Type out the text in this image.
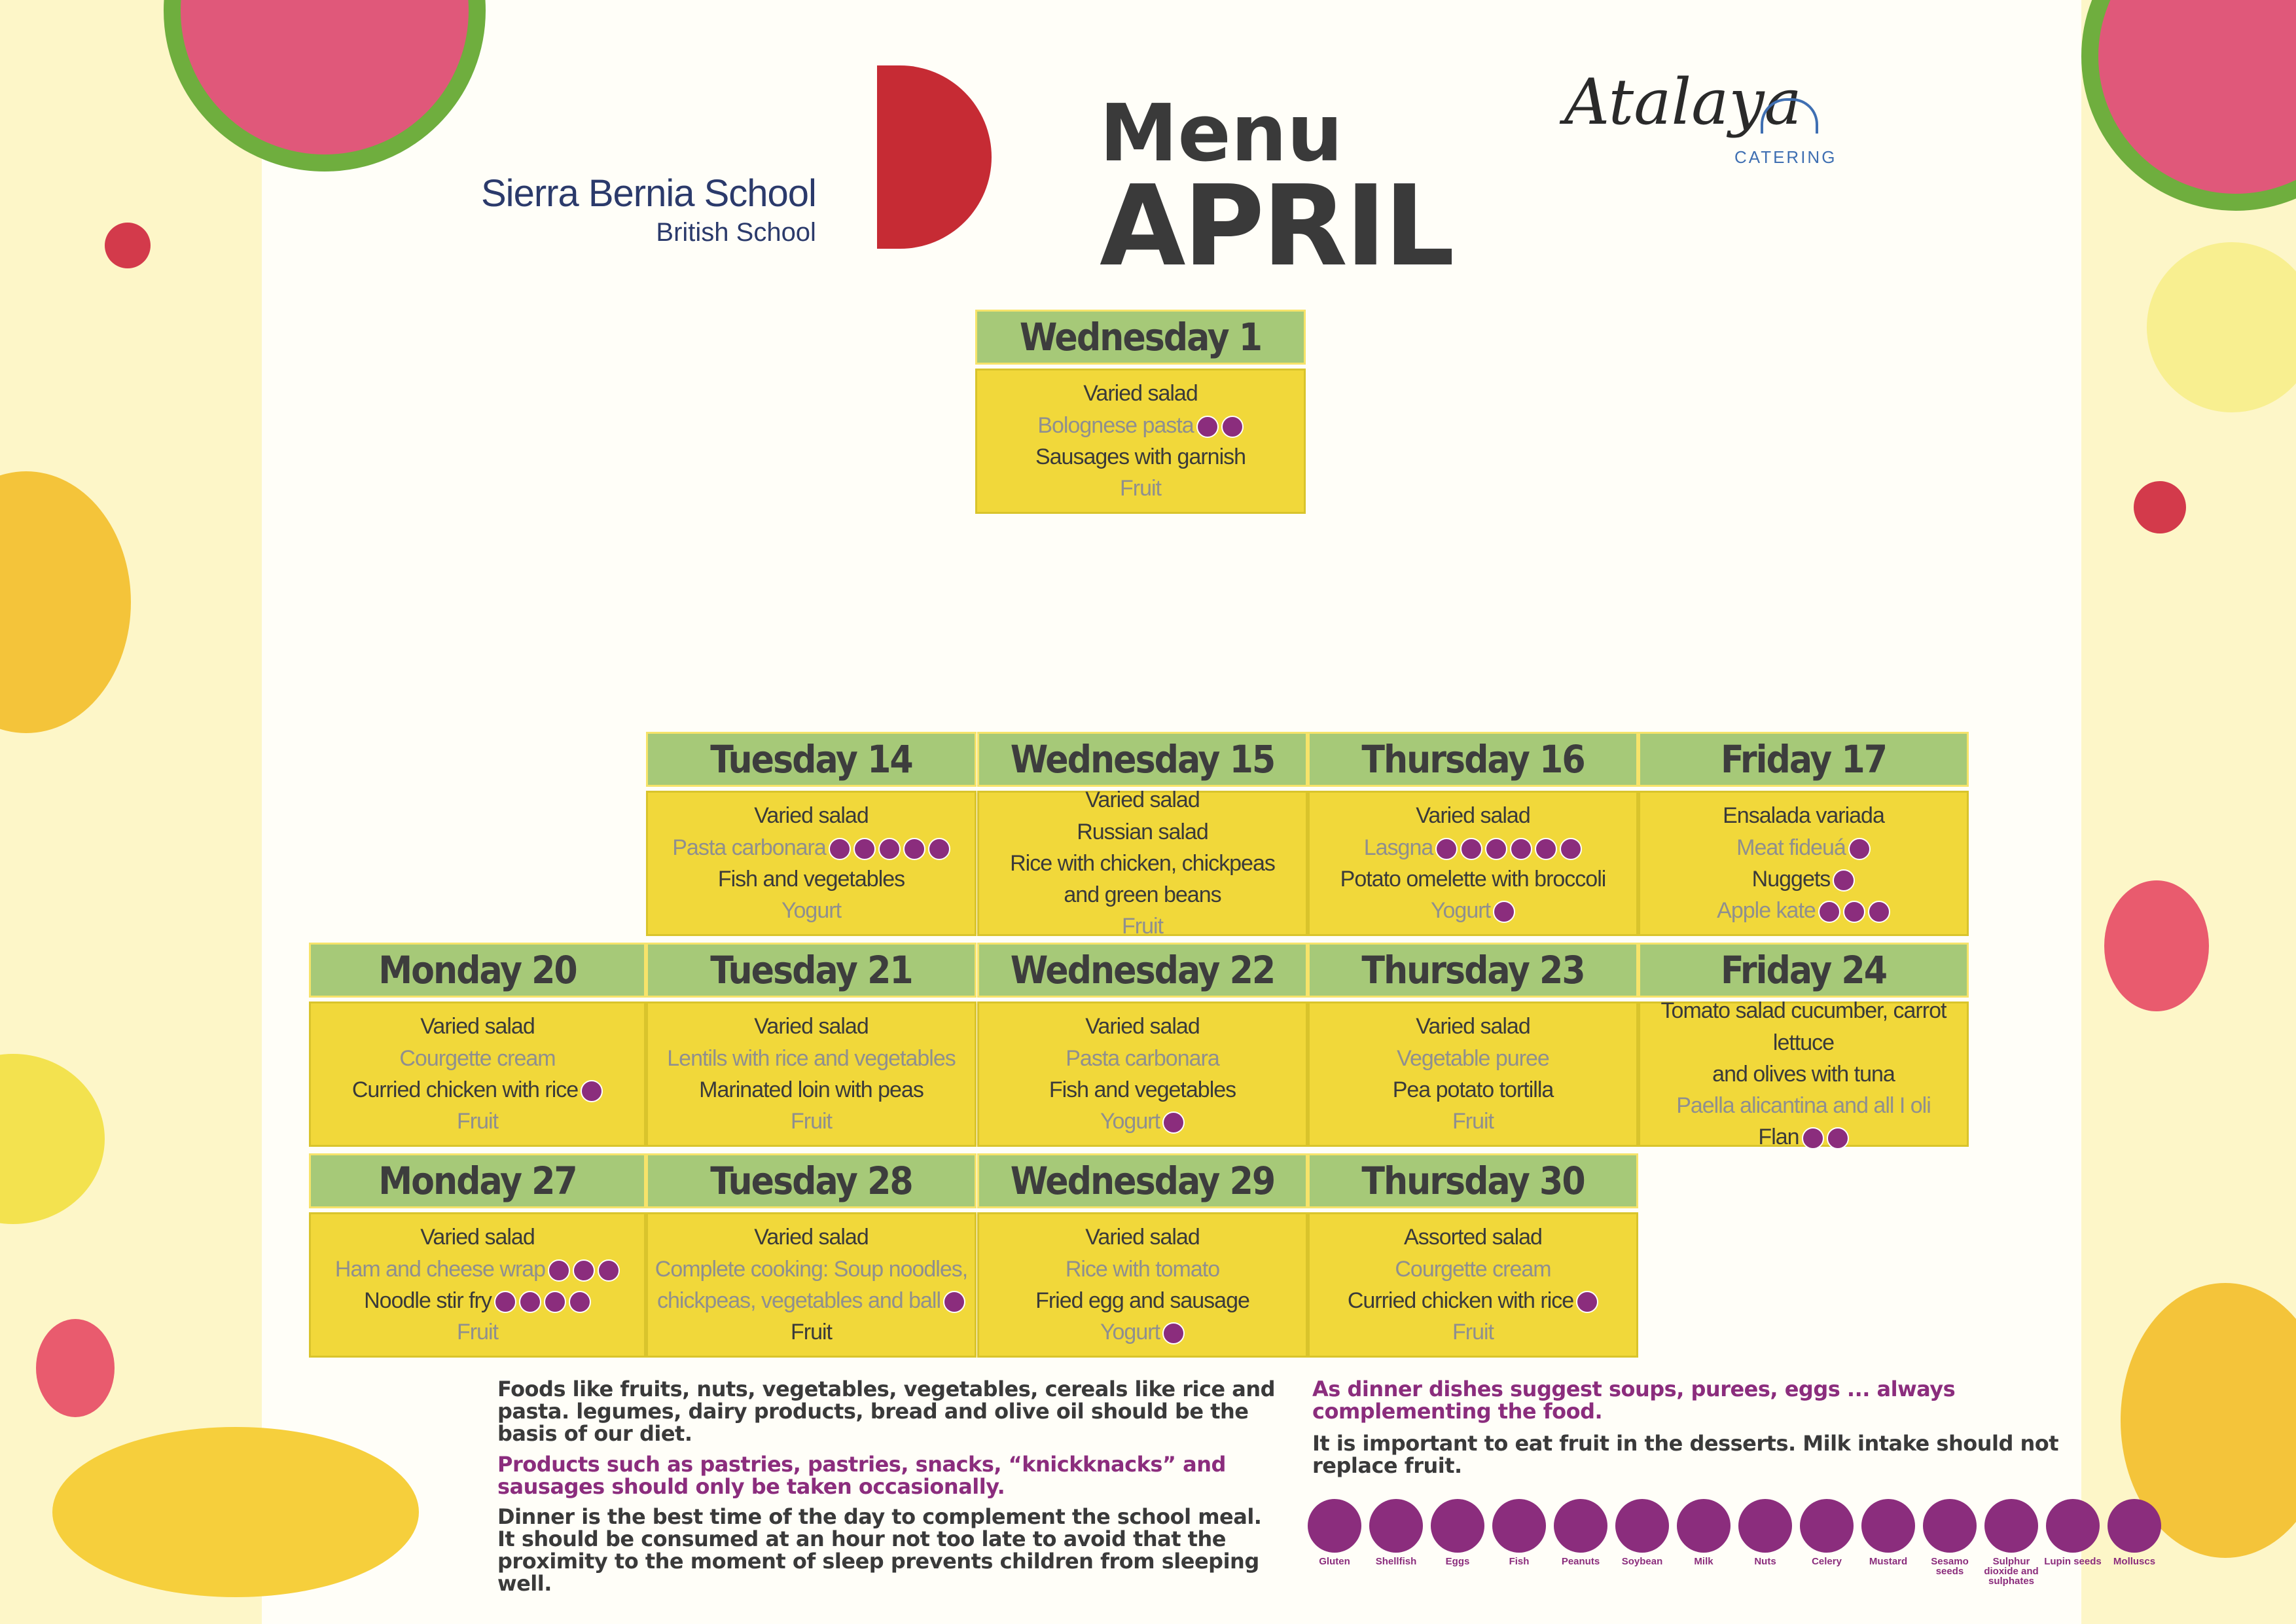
Sierra Bernia School
British School
Menu
APRIL
Atalaya
CATERING
Wednesday 1
Varied salad
Bolognese pasta
Sausages with garnish
Fruit
Tuesday 14
Varied salad
Pasta carbonara
Fish and vegetables
Yogurt
Wednesday 15
Varied salad
Russian salad
Rice with chicken, chickpeas
and green beans
Fruit
Thursday 16
Varied salad
Lasgna
Potato omelette with broccoli
Yogurt
Friday 17
Ensalada variada
Meat fideuá
Nuggets
Apple kate
Monday 20
Varied salad
Courgette cream
Curried chicken with rice
Fruit
Tuesday 21
Varied salad
Lentils with rice and vegetables
Marinated loin with peas
Fruit
Wednesday 22
Varied salad
Pasta carbonara
Fish and vegetables
Yogurt
Thursday 23
Varied salad
Vegetable puree
Pea potato tortilla
Fruit
Friday 24
Tomato salad cucumber, carrot lettuce
and olives with tuna
Paella alicantina and all I oli
Flan
Monday 27
Varied salad
Ham and cheese wrap
Noodle stir fry
Fruit
Tuesday 28
Varied salad
Complete cooking: Soup noodles,
chickpeas, vegetables and ball
Fruit
Wednesday 29
Varied salad
Rice with tomato
Fried egg and sausage
Yogurt
Thursday 30
Assorted salad
Courgette cream
Curried chicken with rice
Fruit
Foods like fruits, nuts, vegetables, vegetables, cereals like rice and pasta. legumes, dairy products, bread and olive oil should be the basis of our diet.
Products such as pastries, pastries, snacks, “knickknacks” and sausages should only be taken occasionally.
Dinner is the best time of the day to complement the school meal. It should be consumed at an hour not too late to avoid that the proximity to the moment of sleep prevents children from sleeping well.
As dinner dishes suggest soups, purees, eggs ... always complementing the food.
It is important to eat fruit in the desserts. Milk intake should not replace fruit.
Gluten	Shellfish	Eggs	Fish	Peanuts	Soybean	Milk	Nuts	Celery	Mustard	Sesamo seeds
Sulphur dioxide and sulphates
Lupin seeds	Molluscs
